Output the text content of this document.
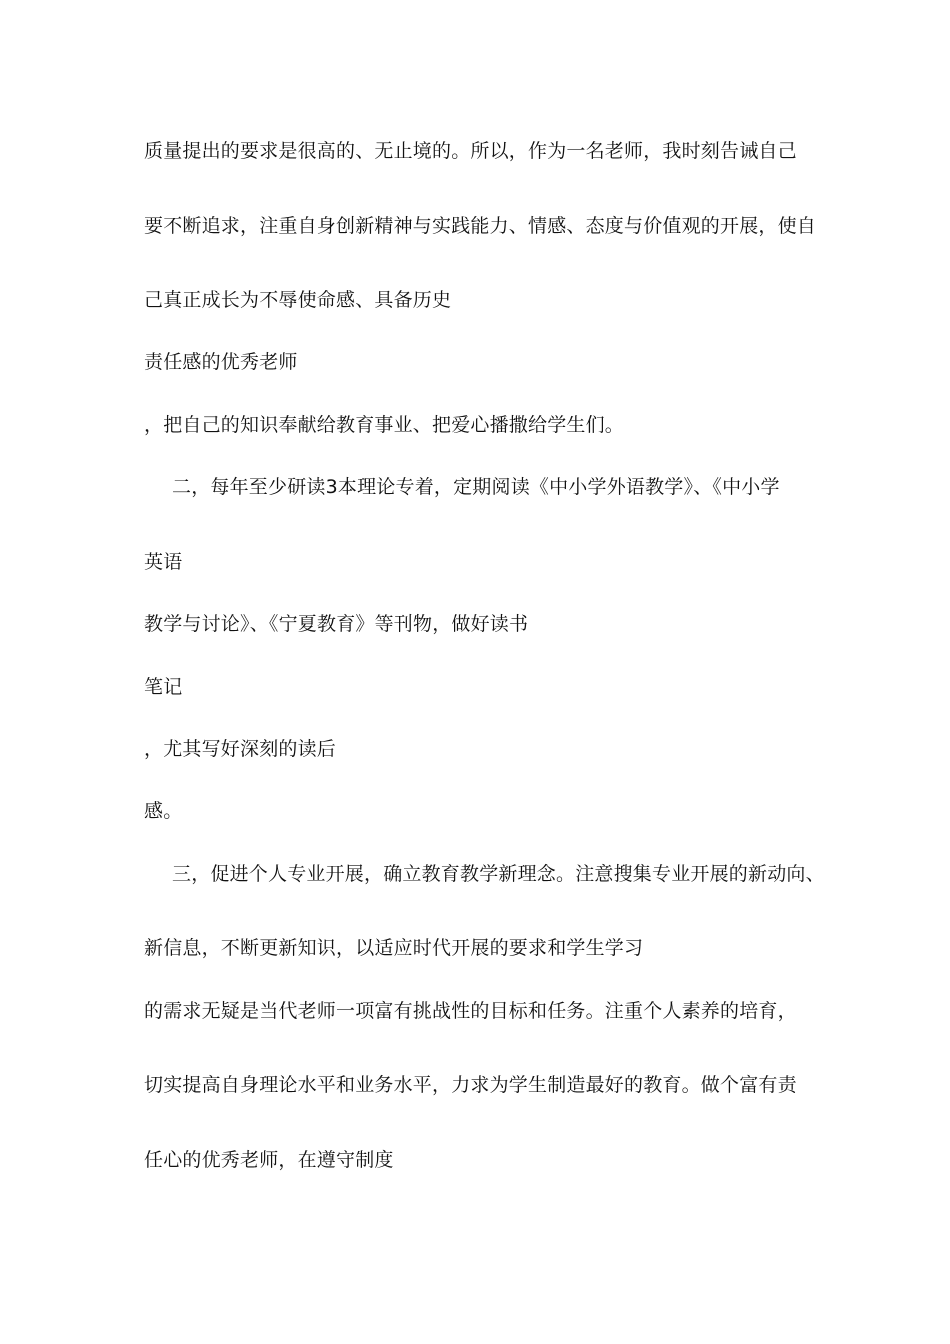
质量提出的要求是很高的、无止境的。所以，作为一名老师，我时刻告诫自己
要不断追求，注重自身创新精神与实践能力、情感、态度与价值观的开展，使自
己真正成长为不辱使命感、具备历史
责任感的优秀老师
，把自己的知识奉献给教育事业、把爱心播撒给学生们。
二，每年至少研读3本理论专着，定期阅读《中小学外语教学》、《中小学
英语
教学与讨论》、《宁夏教育》等刊物，做好读书
笔记
，尤其写好深刻的读后
感。
三，促进个人专业开展，确立教育教学新理念。注意搜集专业开展的新动向、
新信息，不断更新知识，以适应时代开展的要求和学生学习
的需求无疑是当代老师一项富有挑战性的目标和任务。注重个人素养的培育，
切实提高自身理论水平和业务水平，力求为学生制造最好的教育。做个富有责
任心的优秀老师，在遵守制度
